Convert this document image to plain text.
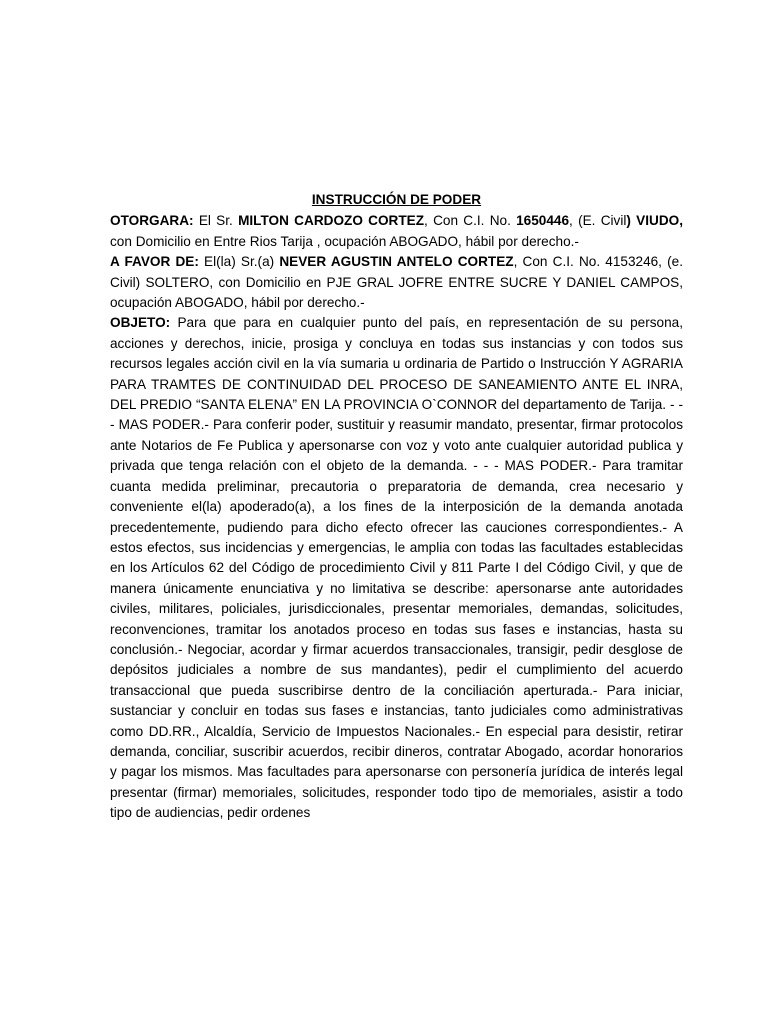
INSTRUCCIÓN DE PODER

OTORGARA: El Sr. MILTON CARDOZO CORTEZ, Con C.I. No. 1650446, (E. Civil) VIUDO, con Domicilio en Entre Rios Tarija , ocupación ABOGADO, hábil por derecho.-

A FAVOR DE: El(la) Sr.(a) NEVER AGUSTIN ANTELO CORTEZ, Con C.I. No. 4153246, (e. Civil) SOLTERO, con Domicilio en PJE GRAL JOFRE ENTRE SUCRE Y DANIEL CAMPOS, ocupación ABOGADO, hábil por derecho.-

OBJETO: Para que para en cualquier punto del país, en representación de su persona, acciones y derechos, inicie, prosiga y concluya en todas sus instancias y con todos sus recursos legales acción civil en la vía sumaria u ordinaria de Partido o Instrucción Y AGRARIA PARA TRAMTES DE CONTINUIDAD DEL PROCESO DE SANEAMIENTO ANTE EL INRA, DEL PREDIO “SANTA ELENA” EN LA PROVINCIA O`CONNOR del departamento de Tarija. - - - MAS PODER.- Para conferir poder, sustituir y reasumir mandato, presentar, firmar protocolos ante Notarios de Fe Publica y apersonarse con voz y voto ante cualquier autoridad publica y privada que tenga relación con el objeto de la demanda. - - - MAS PODER.- Para tramitar cuanta medida preliminar, precautoria o preparatoria de demanda, crea necesario y conveniente el(la) apoderado(a), a los fines de la interposición de la demanda anotada precedentemente, pudiendo para dicho efecto ofrecer las cauciones correspondientes.- A estos efectos, sus incidencias y emergencias, le amplia con todas las facultades establecidas en los Artículos 62 del Código de procedimiento Civil y 811 Parte I del Código Civil, y que de manera únicamente enunciativa y no limitativa se describe: apersonarse ante autoridades civiles, militares, policiales, jurisdiccionales, presentar memoriales, demandas, solicitudes, reconvenciones, tramitar los anotados proceso en todas sus fases e instancias, hasta su conclusión.- Negociar, acordar y firmar acuerdos transaccionales, transigir, pedir desglose de depósitos judiciales a nombre de sus mandantes), pedir el cumplimiento del acuerdo transaccional que pueda suscribirse dentro de la conciliación aperturada.- Para iniciar, sustanciar y concluir en todas sus fases e instancias, tanto judiciales como administrativas como DD.RR., Alcaldía, Servicio de Impuestos Nacionales.- En especial para desistir, retirar demanda, conciliar, suscribir acuerdos, recibir dineros, contratar Abogado, acordar honorarios y pagar los mismos. Mas facultades para apersonarse con personería jurídica de interés legal presentar (firmar) memoriales, solicitudes, responder todo tipo de memoriales, asistir a todo tipo de audiencias, pedir ordenes
